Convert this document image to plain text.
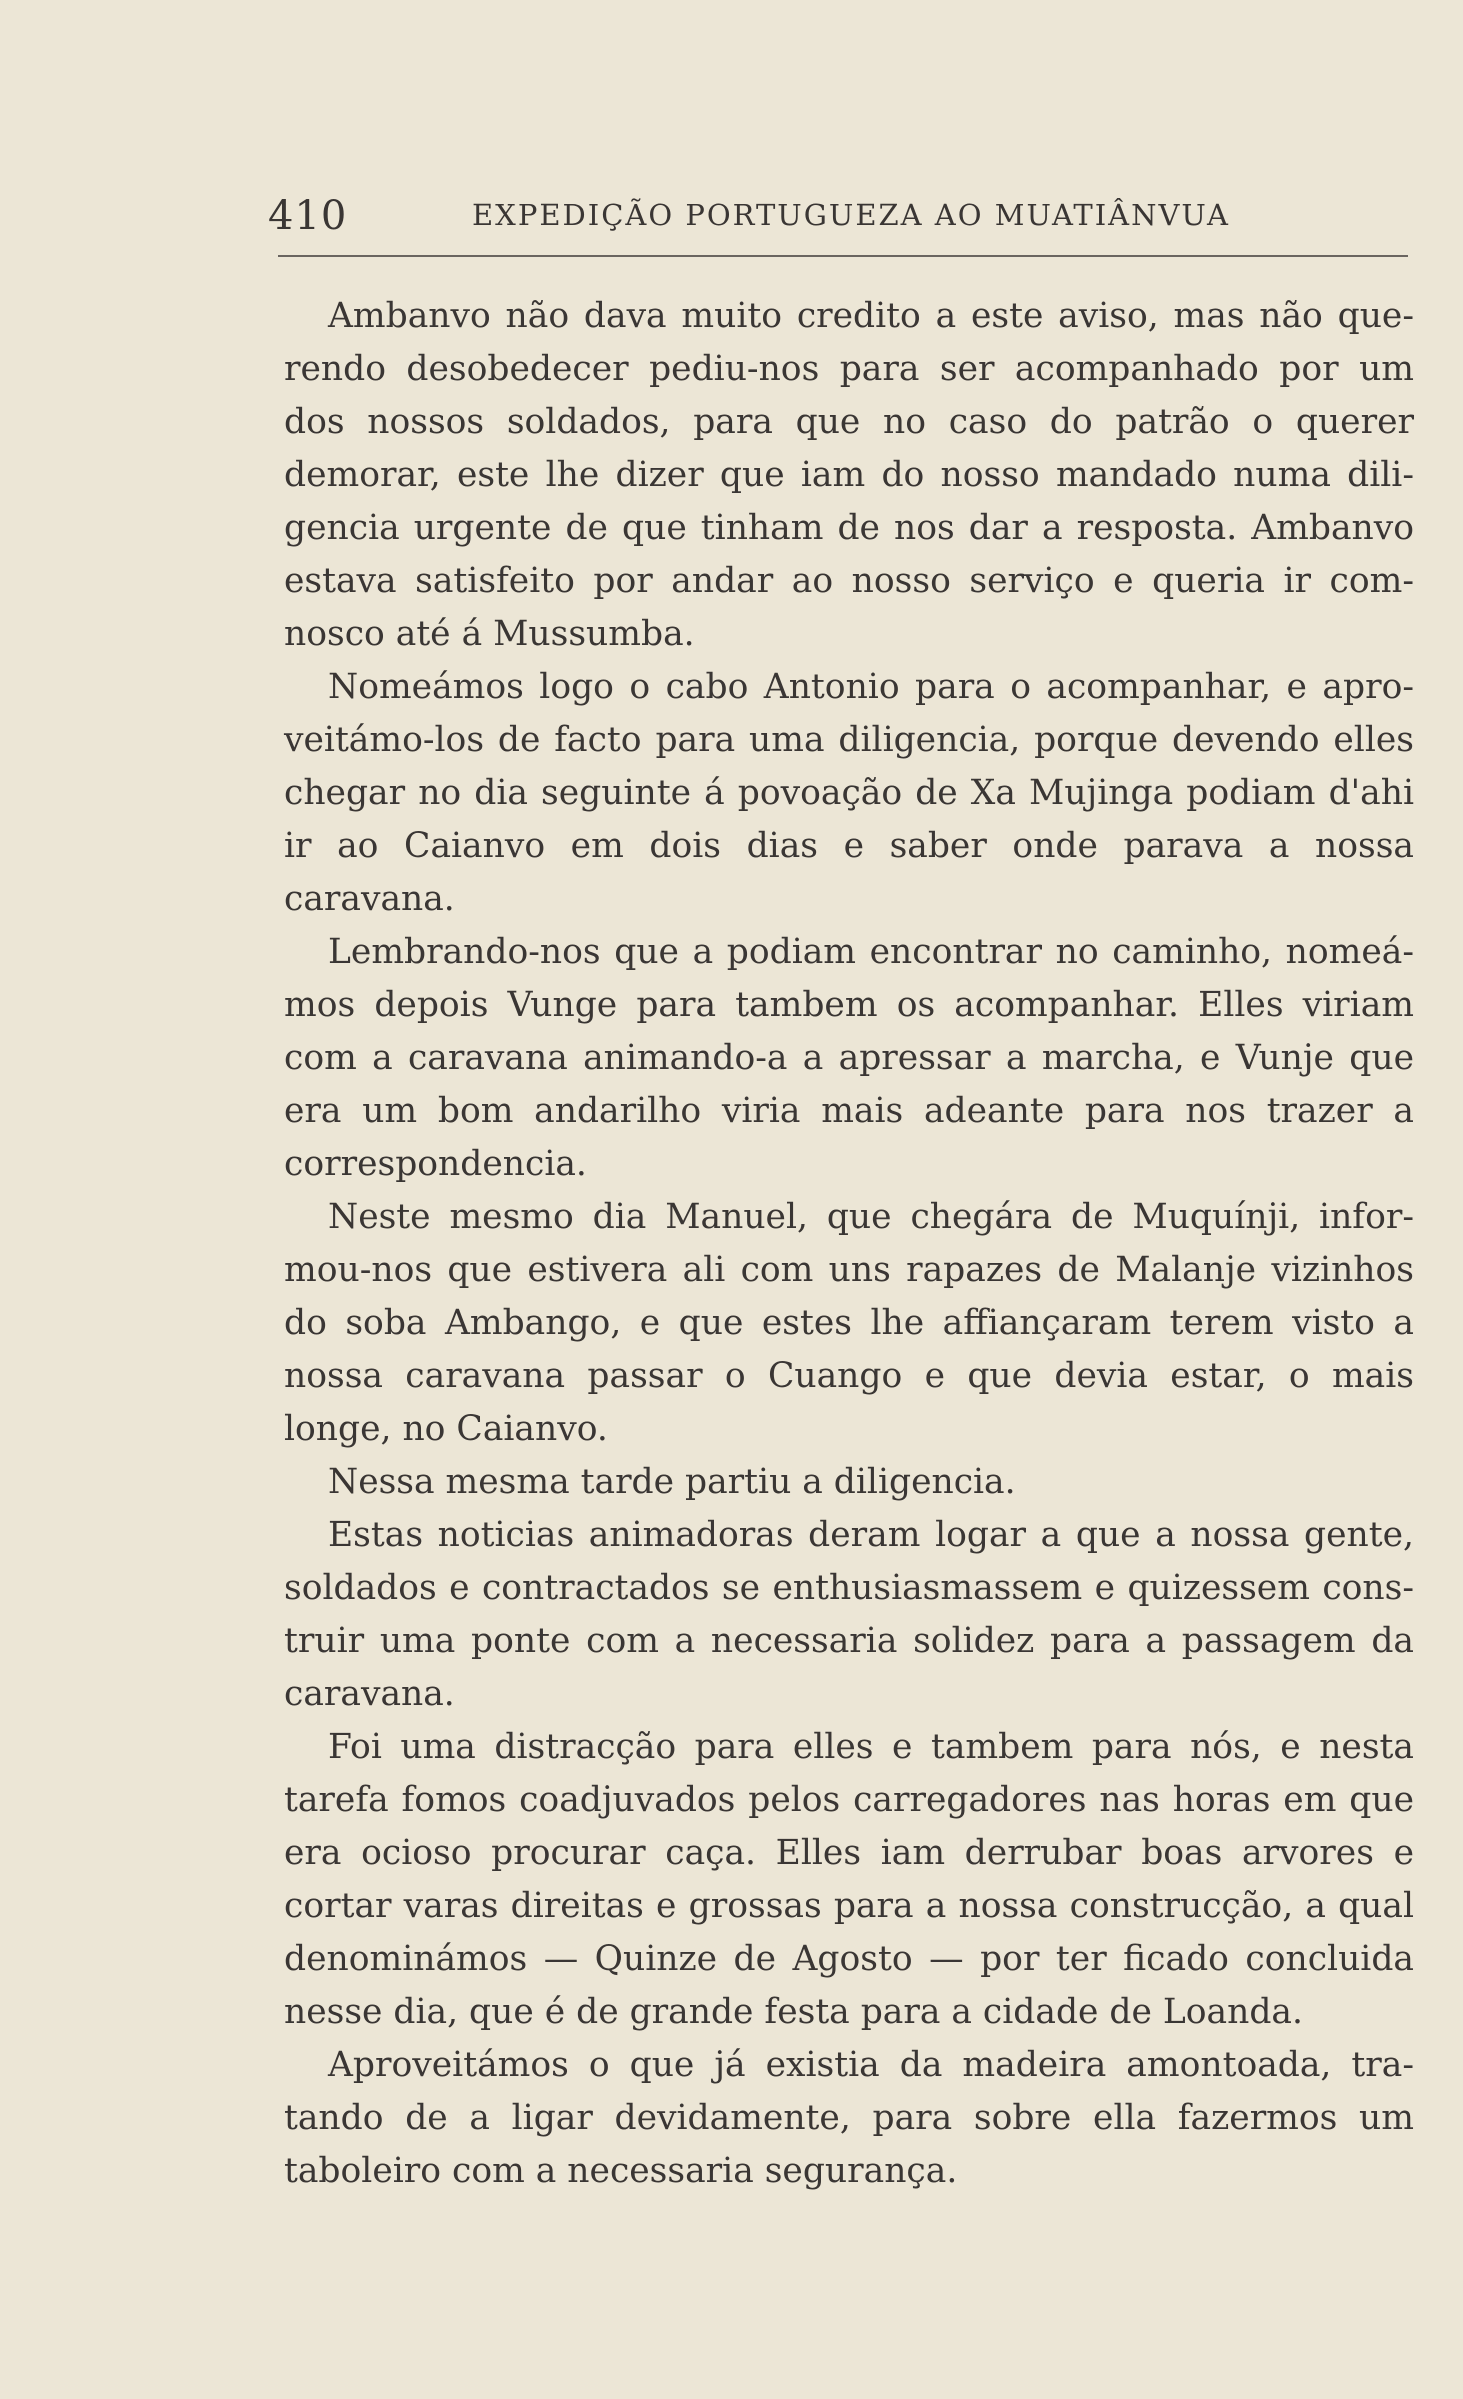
410	EXPEDIÇÃO PORTUGUEZA AO MUATIÂNVUA

Ambanvo não dava muito credito a este aviso, mas não que- rendo desobedecer pediu-nos para ser acompanhado por um dos nossos soldados, para que no caso do patrão o querer demorar, este lhe dizer que iam do nosso mandado numa dili- gencia urgente de que tinham de nos dar a resposta. Ambanvo estava satisfeito por andar ao nosso serviço e queria ir com- nosco até á Mussumba.

Nomeámos logo o cabo Antonio para o acompanhar, e apro- veitámo-los de facto para uma diligencia, porque devendo elles chegar no dia seguinte á povoação de Xa Mujinga podiam d'ahi ir ao Caianvo em dois dias e saber onde parava a nossa caravana.

Lembrando-nos que a podiam encontrar no caminho, nomeá- mos depois Vunge para tambem os acompanhar. Elles viriam com a caravana animando-a a apressar a marcha, e Vunje que era um bom andarilho viria mais adeante para nos trazer a correspondencia.

Neste mesmo dia Manuel, que chegára de Muquínji, infor- mou-nos que estivera ali com uns rapazes de Malanje vizinhos do soba Ambango, e que estes lhe affiançaram terem visto a nossa caravana passar o Cuango e que devia estar, o mais longe, no Caianvo.

Nessa mesma tarde partiu a diligencia.

Estas noticias animadoras deram logar a que a nossa gente, soldados e contractados se enthusiasmassem e quizessem cons- truir uma ponte com a necessaria solidez para a passagem da caravana.

Foi uma distracção para elles e tambem para nós, e nesta tarefa fomos coadjuvados pelos carregadores nas horas em que era ocioso procurar caça. Elles iam derrubar boas arvores e cortar varas direitas e grossas para a nossa construcção, a qual denominámos — Quinze de Agosto — por ter ficado concluida nesse dia, que é de grande festa para a cidade de Loanda.

Aproveitámos o que já existia da madeira amontoada, tra- tando de a ligar devidamente, para sobre ella fazermos um taboleiro com a necessaria segurança.
